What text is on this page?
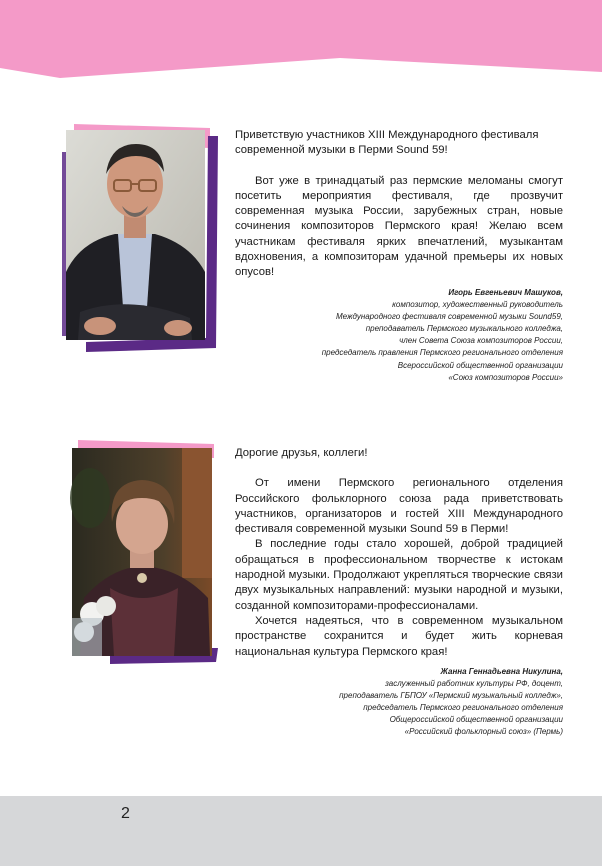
Приветствую участников XIII Международного фестиваля современной музыки в Перми Sound 59!

Вот уже в тринадцатый раз пермские меломаны смогут посетить мероприятия фестиваля, где прозвучит современная музыка России, зарубежных стран, новые сочинения композиторов Пермского края! Желаю всем участникам фестиваля ярких впечатлений, музыкантам вдохновения, а композиторам удачной премьеры их новых опусов!

Игорь Евгеньевич Машуков,
композитор, художественный руководитель
Международного фестиваля современной музыки Sound59,
преподаватель Пермского музыкального колледжа,
член Совета Союза композиторов России,
председатель правления Пермского регионального отделения
Всероссийской общественной организации
«Союз композиторов России»

Дорогие друзья, коллеги!

От имени Пермского регионального отделения Российского фольклорного союза рада приветствовать участников, организаторов и гостей XIII Международного фестиваля современной музыки Sound 59 в Перми!

В последние годы стало хорошей, доброй традицией обращаться в профессиональном творчестве к истокам народной музыки. Продолжают укрепляться творческие связи двух музыкальных направлений: музыки народной и музыки, созданной композиторами-профессионалами.

Хочется надеяться, что в современном музыкальном пространстве сохранится и будет жить корневая национальная культура Пермского края!

Жанна Геннадьевна Никулина,
заслуженный работник культуры РФ, доцент,
преподаватель ГБПОУ «Пермский музыкальный колледж»,
председатель Пермского регионального отделения
Общероссийской общественной организации
«Российский фольклорный союз» (Пермь)
2
